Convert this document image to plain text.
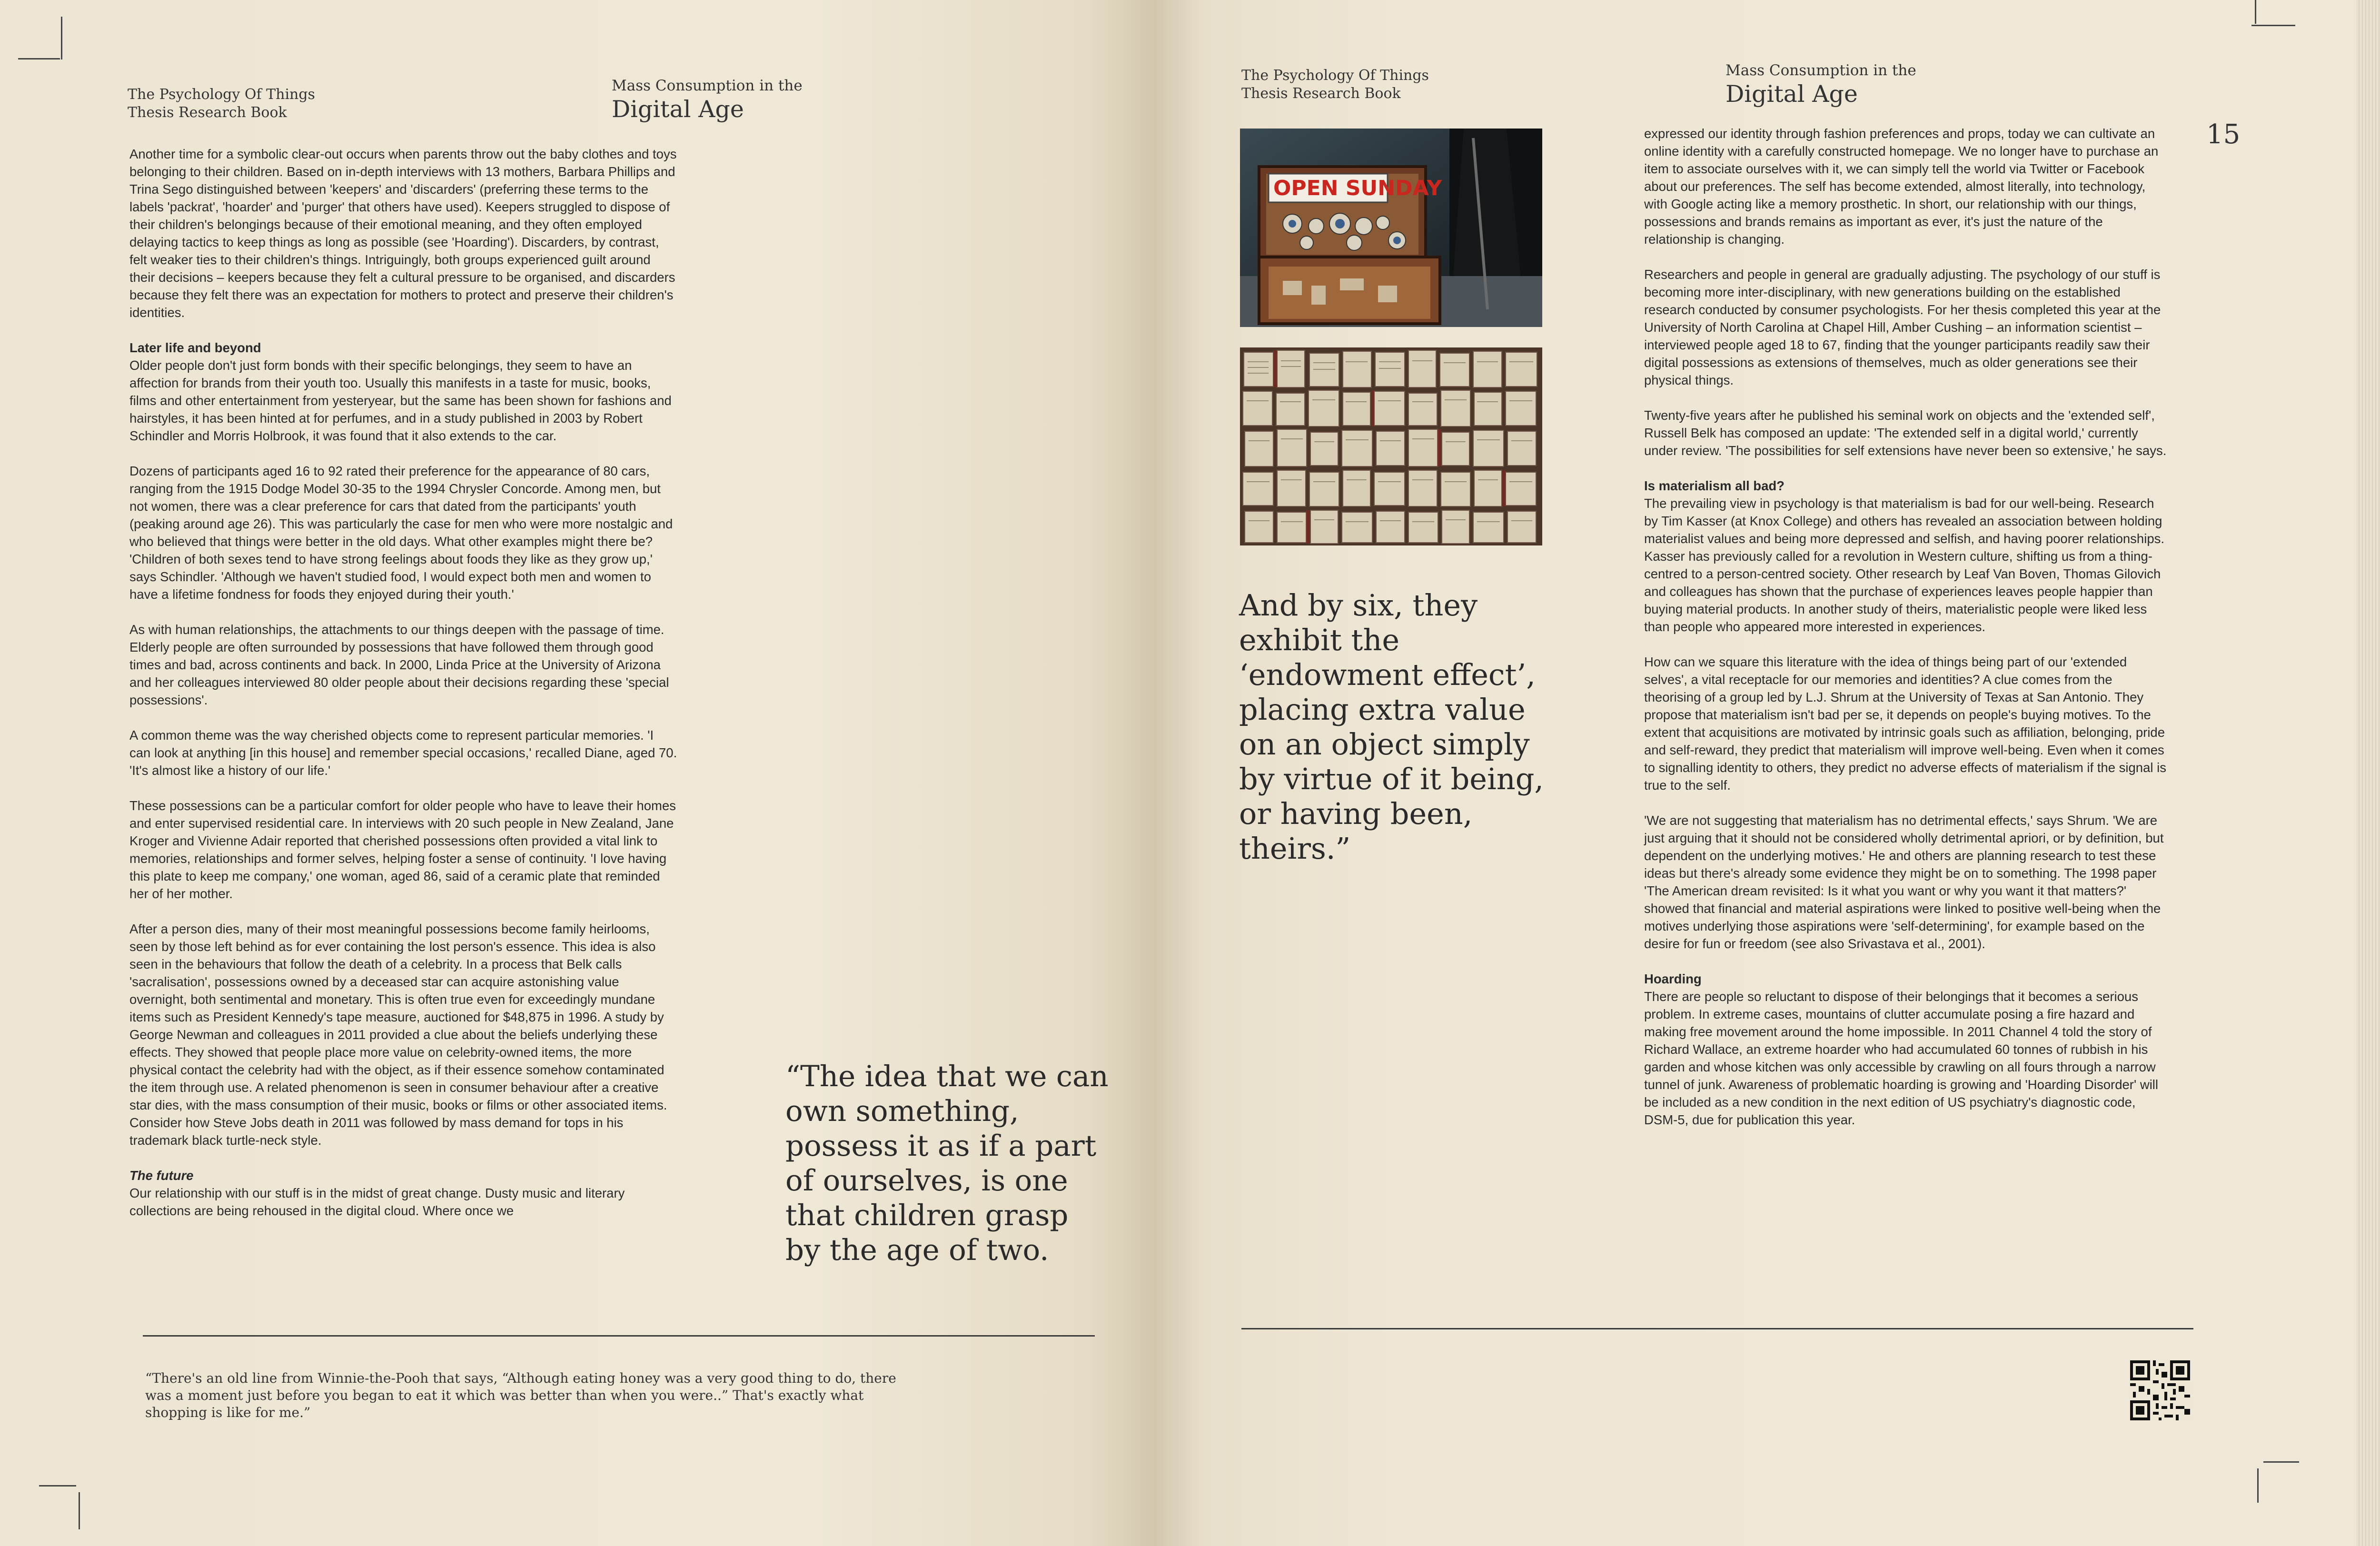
The Psychology Of Things
Thesis Research Book
Mass Consumption in the
Digital Age

Another time for a symbolic clear-out occurs when parents throw out the baby clothes and toys belonging to their children. Based on in-depth interviews with 13 mothers, Barbara Phillips and Trina Sego distinguished between 'keepers' and 'discarders' (preferring these terms to the labels 'packrat', 'hoarder' and 'purger' that others have used). Keepers struggled to dispose of their children's belongings because of their emotional meaning, and they often employed delaying tactics to keep things as long as possible (see 'Hoarding'). Discarders, by contrast, felt weaker ties to their children's things. Intriguingly, both groups experienced guilt around their decisions – keepers because they felt a cultural pressure to be organised, and discarders because they felt there was an expectation for mothers to protect and preserve their children's identities.

Later life and beyond

Older people don't just form bonds with their specific belongings, they seem to have an affection for brands from their youth too. Usually this manifests in a taste for music, books, films and other entertainment from yesteryear, but the same has been shown for fashions and hairstyles, it has been hinted at for perfumes, and in a study published in 2003 by Robert Schindler and Morris Holbrook, it was found that it also extends to the car.

Dozens of participants aged 16 to 92 rated their preference for the appearance of 80 cars, ranging from the 1915 Dodge Model 30-35 to the 1994 Chrysler Concorde. Among men, but not women, there was a clear preference for cars that dated from the participants' youth (peaking around age 26). This was particularly the case for men who were more nostalgic and who believed that things were better in the old days. What other examples might there be? 'Children of both sexes tend to have strong feelings about foods they like as they grow up,' says Schindler. 'Although we haven't studied food, I would expect both men and women to have a lifetime fondness for foods they enjoyed during their youth.'

As with human relationships, the attachments to our things deepen with the passage of time. Elderly people are often surrounded by possessions that have followed them through good times and bad, across continents and back. In 2000, Linda Price at the University of Arizona and her colleagues interviewed 80 older people about their decisions regarding these 'special possessions'.

A common theme was the way cherished objects come to represent particular memories. 'I can look at anything [in this house] and remember special occasions,' recalled Diane, aged 70. 'It's almost like a history of our life.'

These possessions can be a particular comfort for older people who have to leave their homes and enter supervised residential care. In interviews with 20 such people in New Zealand, Jane Kroger and Vivienne Adair reported that cherished possessions often provided a vital link to memories, relationships and former selves, helping foster a sense of continuity. 'I love having this plate to keep me company,' one woman, aged 86, said of a ceramic plate that reminded her of her mother.

After a person dies, many of their most meaningful possessions become family heirlooms, seen by those left behind as for ever containing the lost person's essence. This idea is also seen in the behaviours that follow the death of a celebrity. In a process that Belk calls 'sacralisation', possessions owned by a deceased star can acquire astonishing value overnight, both sentimental and monetary. This is often true even for exceedingly mundane items such as President Kennedy's tape measure, auctioned for $48,875 in 1996. A study by George Newman and colleagues in 2011 provided a clue about the beliefs underlying these effects. They showed that people place more value on celebrity-owned items, the more physical contact the celebrity had with the object, as if their essence somehow contaminated the item through use. A related phenomenon is seen in consumer behaviour after a creative star dies, with the mass consumption of their music, books or films or other associated items. Consider how Steve Jobs death in 2011 was followed by mass demand for tops in his trademark black turtle-neck style.

The future

Our relationship with our stuff is in the midst of great change. Dusty music and literary collections are being rehoused in the digital cloud. Where once we

“The idea that we can own something, possess it as if a part of ourselves, is one that children grasp by the age of two.
“There's an old line from Winnie-the-Pooh that says, “Although eating honey was a very good thing to do, there was a moment just before you began to eat it which was better than when you were..” That's exactly what shopping is like for me.”
The Psychology Of Things
Thesis Research Book
Mass Consumption in the
Digital Age
15
OPEN SUNDAY
And by six, they exhibit the ‘endowment effect’, placing extra value on an object simply by virtue of it being, or having been, theirs.”

expressed our identity through fashion preferences and props, today we can cultivate an online identity with a carefully constructed homepage. We no longer have to purchase an item to associate ourselves with it, we can simply tell the world via Twitter or Facebook about our preferences. The self has become extended, almost literally, into technology, with Google acting like a memory prosthetic. In short, our relationship with our things, possessions and brands remains as important as ever, it's just the nature of the relationship is changing.

Researchers and people in general are gradually adjusting. The psychology of our stuff is becoming more inter-disciplinary, with new generations building on the established research conducted by consumer psychologists. For her thesis completed this year at the University of North Carolina at Chapel Hill, Amber Cushing – an information scientist – interviewed people aged 18 to 67, finding that the younger participants readily saw their digital possessions as extensions of themselves, much as older generations see their physical things.

Twenty-five years after he published his seminal work on objects and the 'extended self', Russell Belk has composed an update: 'The extended self in a digital world,' currently under review. 'The possibilities for self extensions have never been so extensive,' he says.

Is materialism all bad?

The prevailing view in psychology is that materialism is bad for our well-being. Research by Tim Kasser (at Knox College) and others has revealed an association between holding materialist values and being more depressed and selfish, and having poorer relationships. Kasser has previously called for a revolution in Western culture, shifting us from a thing-centred to a person-centred society. Other research by Leaf Van Boven, Thomas Gilovich and colleagues has shown that the purchase of experiences leaves people happier than buying material products. In another study of theirs, materialistic people were liked less than people who appeared more interested in experiences.

How can we square this literature with the idea of things being part of our 'extended selves', a vital receptacle for our memories and identities? A clue comes from the theorising of a group led by L.J. Shrum at the University of Texas at San Antonio. They propose that materialism isn't bad per se, it depends on people's buying motives. To the extent that acquisitions are motivated by intrinsic goals such as affiliation, belonging, pride and self-reward, they predict that materialism will improve well-being. Even when it comes to signalling identity to others, they predict no adverse effects of materialism if the signal is true to the self.

'We are not suggesting that materialism has no detrimental effects,' says Shrum. 'We are just arguing that it should not be considered wholly detrimental apriori, or by definition, but dependent on the underlying motives.' He and others are planning research to test these ideas but there's already some evidence they might be on to something. The 1998 paper 'The American dream revisited: Is it what you want or why you want it that matters?' showed that financial and material aspirations were linked to positive well-being when the motives underlying those aspirations were 'self-determining', for example based on the desire for fun or freedom (see also Srivastava et al., 2001).

Hoarding

There are people so reluctant to dispose of their belongings that it becomes a serious problem. In extreme cases, mountains of clutter accumulate posing a fire hazard and making free movement around the home impossible. In 2011 Channel 4 told the story of Richard Wallace, an extreme hoarder who had accumulated 60 tonnes of rubbish in his garden and whose kitchen was only accessible by crawling on all fours through a narrow tunnel of junk. Awareness of problematic hoarding is growing and 'Hoarding Disorder' will be included as a new condition in the next edition of US psychiatry's diagnostic code, DSM-5, due for publication this year.
